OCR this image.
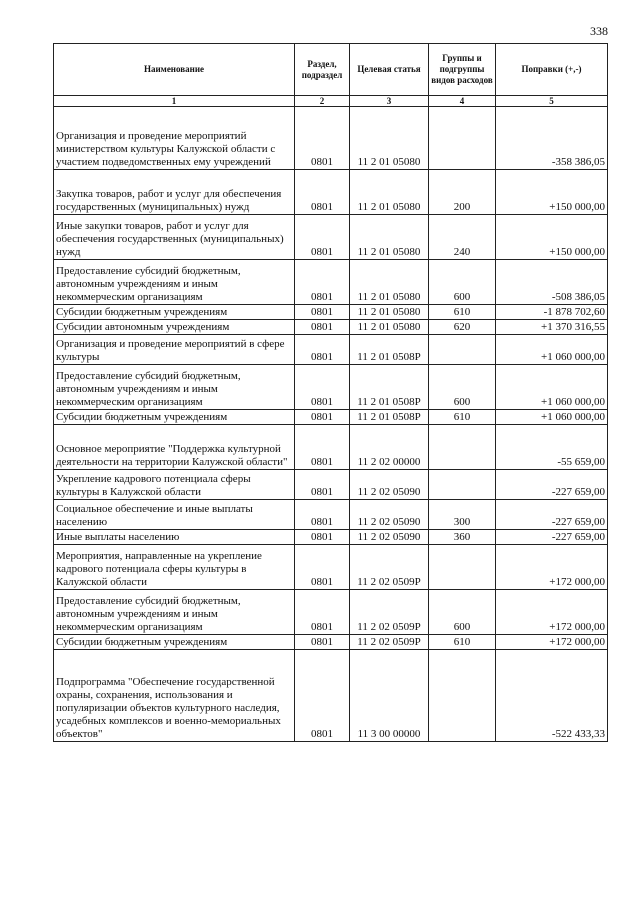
338
Наименование	Раздел, подраздел	Целевая статья	Группы и подгруппы видов расходов	Поправки (+,-)
1	2	3	4	5
Организация и проведение мероприятий министерством культуры Калужской области с участием подведомственных ему учреждений	0801	11 2 01 05080		-358 386,05
Закупка товаров, работ и услуг для обеспечения государственных (муниципальных) нужд	0801	11 2 01 05080	200	+150 000,00
Иные закупки товаров, работ и услуг для обеспечения государственных (муниципальных) нужд	0801	11 2 01 05080	240	+150 000,00
Предоставление субсидий бюджетным, автономным учреждениям и иным некоммерческим организациям	0801	11 2 01 05080	600	-508 386,05
Субсидии бюджетным учреждениям	0801	11 2 01 05080	610	-1 878 702,60
Субсидии автономным учреждениям	0801	11 2 01 05080	620	+1 370 316,55
Организация и проведение мероприятий в сфере культуры	0801	11 2 01 0508P		+1 060 000,00
Предоставление субсидий бюджетным, автономным учреждениям и иным некоммерческим организациям	0801	11 2 01 0508P	600	+1 060 000,00
Субсидии бюджетным учреждениям	0801	11 2 01 0508P	610	+1 060 000,00
Основное мероприятие "Поддержка культурной деятельности на территории Калужской области"	0801	11 2 02 00000		-55 659,00
Укрепление кадрового потенциала сферы культуры в Калужской области	0801	11 2 02 05090		-227 659,00
Социальное обеспечение и иные выплаты населению	0801	11 2 02 05090	300	-227 659,00
Иные выплаты населению	0801	11 2 02 05090	360	-227 659,00
Мероприятия, направленные на укрепление кадрового потенциала сферы культуры в Калужской области	0801	11 2 02 0509P		+172 000,00
Предоставление субсидий бюджетным, автономным учреждениям и иным некоммерческим организациям	0801	11 2 02 0509P	600	+172 000,00
Субсидии бюджетным учреждениям	0801	11 2 02 0509P	610	+172 000,00
Подпрограмма "Обеспечение государственной охраны, сохранения, использования и популяризации объектов культурного наследия, усадебных комплексов и военно-мемориальных объектов"	0801	11 3 00 00000		-522 433,33
